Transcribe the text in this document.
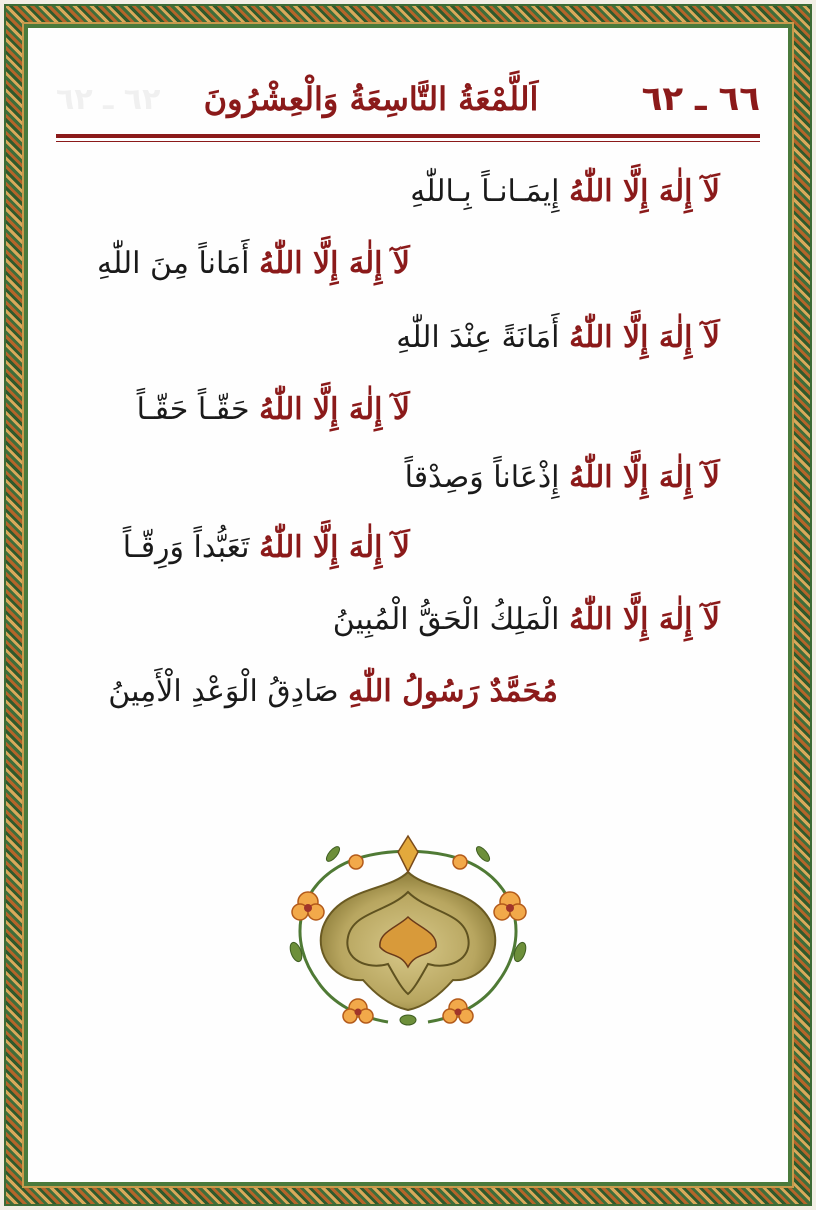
٦٦ ـ ٦٢
اَللَّمْعَةُ التَّاسِعَةُ وَالْعِشْرُونَ
٦٢ ـ ٦٢
لَآ إِلٰهَ إِلَّا اللّٰهُ إِيمَـانـاً بِـاللّٰهِ
لَآ إِلٰهَ إِلَّا اللّٰهُ أَمَاناً مِنَ اللّٰهِ
لَآ إِلٰهَ إِلَّا اللّٰهُ أَمَانَةً عِنْدَ اللّٰهِ
لَآ إِلٰهَ إِلَّا اللّٰهُ حَقّـاً حَقّـاً
لَآ إِلٰهَ إِلَّا اللّٰهُ إِذْعَاناً وَصِدْقاً
لَآ إِلٰهَ إِلَّا اللّٰهُ تَعَبُّداً وَرِقّـاً
لَآ إِلٰهَ إِلَّا اللّٰهُ الْمَلِكُ الْحَقُّ الْمُبِينُ
مُحَمَّدٌ رَسُولُ اللّٰهِ صَادِقُ الْوَعْدِ الْأَمِينُ
